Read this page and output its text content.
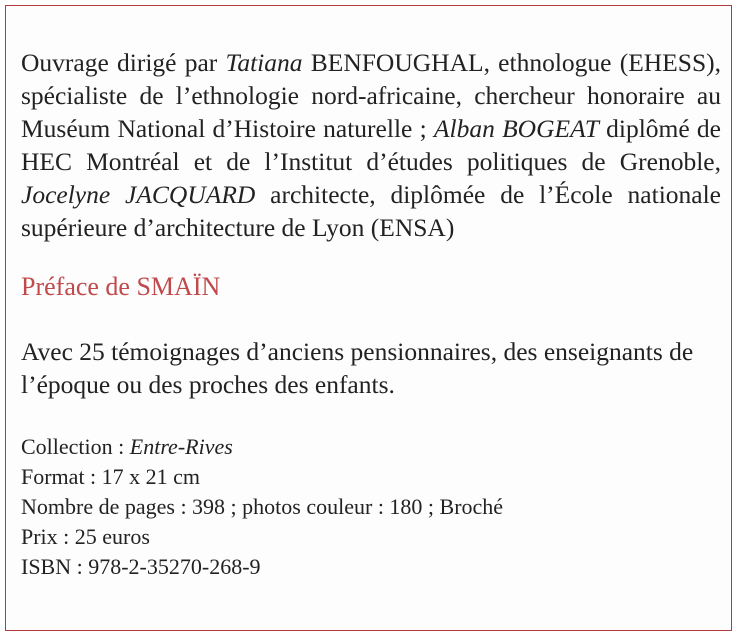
Ouvrage dirigé par Tatiana BENFOUGHAL, ethnologue (EHESS), spécialiste de l’ethnologie nord-africaine, chercheur honoraire au Muséum National d’Histoire naturelle ; Alban BOGEAT diplômé de HEC Montréal et de l’Institut d’études politiques de Grenoble, Jocelyne JACQUARD architecte, diplômée de l’École nationale supérieure d’architecture de Lyon (ENSA)

Préface de SMAÏN

Avec 25 témoignages d’anciens pensionnaires, des enseignants de l’époque ou des proches des enfants.

Collection : Entre-Rives
Format : 17 x 21 cm
Nombre de pages : 398 ; photos couleur : 180 ; Broché
Prix : 25 euros
ISBN : 978-2-35270-268-9
